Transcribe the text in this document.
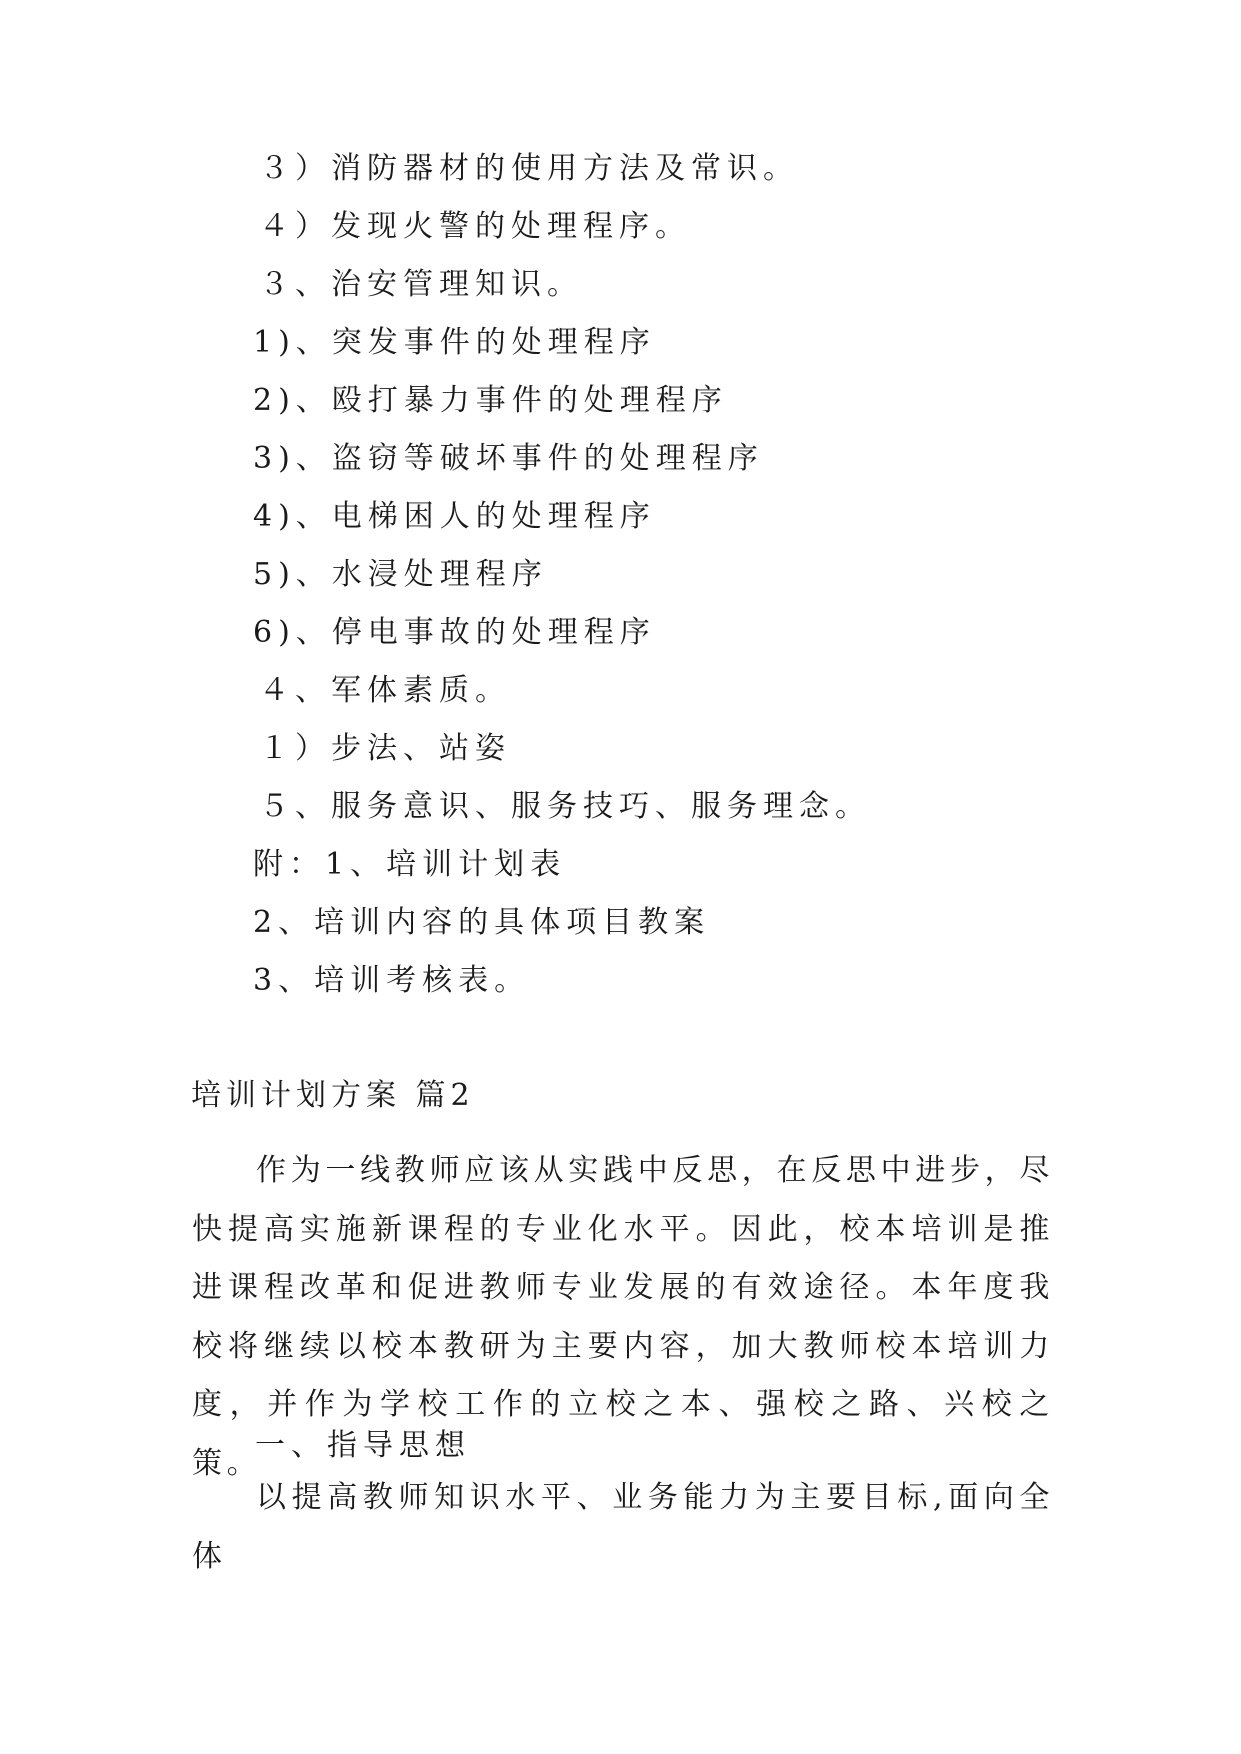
３）消防器材的使用方法及常识。
４）发现火警的处理程序。
３、治安管理知识。
1)、突发事件的处理程序
2)、殴打暴力事件的处理程序
3)、盗窃等破坏事件的处理程序
4)、电梯困人的处理程序
5)、水浸处理程序
6)、停电事故的处理程序
４、军体素质。
１）步法、站姿
５、服务意识、服务技巧、服务理念。
附：1、培训计划表
2、培训内容的具体项目教案
3、培训考核表。
培训计划方案 篇2
作为一线教师应该从实践中反思，在反思中进步，尽快提高实施新课程的专业化水平。因此，校本培训是推进课程改革和促进教师专业发展的有效途径。本年度我校将继续以校本教研为主要内容，加大教师校本培训力度，并作为学校工作的立校之本、强校之路、兴校之策。
一、指导思想
以提高教师知识水平、业务能力为主要目标,面向全体
